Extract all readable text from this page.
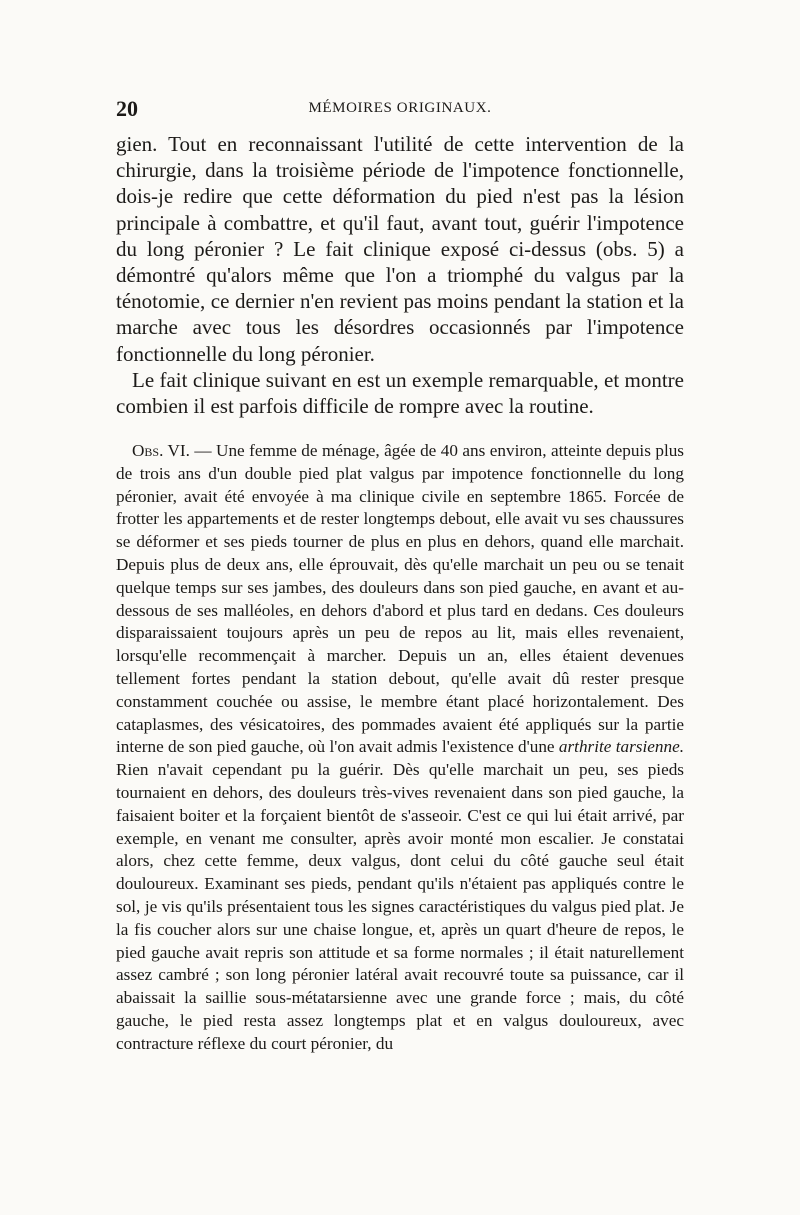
20	MÉMOIRES ORIGINAUX.

gien. Tout en reconnaissant l'utilité de cette intervention de la chirurgie, dans la troisième période de l'impotence fonctionnelle, dois-je redire que cette déformation du pied n'est pas la lésion principale à combattre, et qu'il faut, avant tout, guérir l'impotence du long péronier ? Le fait clinique exposé ci-dessus (obs. 5) a démontré qu'alors même que l'on a triomphé du valgus par la ténotomie, ce dernier n'en revient pas moins pendant la station et la marche avec tous les désordres occasionnés par l'impotence fonctionnelle du long péronier.

Le fait clinique suivant en est un exemple remarquable, et montre combien il est parfois difficile de rompre avec la routine.

Obs. VI. — Une femme de ménage, âgée de 40 ans environ, atteinte depuis plus de trois ans d'un double pied plat valgus par impotence fonctionnelle du long péronier, avait été envoyée à ma clinique civile en septembre 1865. Forcée de frotter les appartements et de rester longtemps debout, elle avait vu ses chaussures se déformer et ses pieds tourner de plus en plus en dehors, quand elle marchait. Depuis plus de deux ans, elle éprouvait, dès qu'elle marchait un peu ou se tenait quelque temps sur ses jambes, des douleurs dans son pied gauche, en avant et au-dessous de ses malléoles, en dehors d'abord et plus tard en dedans. Ces douleurs disparaissaient toujours après un peu de repos au lit, mais elles revenaient, lorsqu'elle recommençait à marcher. Depuis un an, elles étaient devenues tellement fortes pendant la station debout, qu'elle avait dû rester presque constamment couchée ou assise, le membre étant placé horizontalement. Des cataplasmes, des vésicatoires, des pommades avaient été appliqués sur la partie interne de son pied gauche, où l'on avait admis l'existence d'une arthrite tarsienne. Rien n'avait cependant pu la guérir. Dès qu'elle marchait un peu, ses pieds tournaient en dehors, des douleurs très-vives revenaient dans son pied gauche, la faisaient boiter et la forçaient bientôt de s'asseoir. C'est ce qui lui était arrivé, par exemple, en venant me consulter, après avoir monté mon escalier. Je constatai alors, chez cette femme, deux valgus, dont celui du côté gauche seul était douloureux. Examinant ses pieds, pendant qu'ils n'étaient pas appliqués contre le sol, je vis qu'ils présentaient tous les signes caractéristiques du valgus pied plat. Je la fis coucher alors sur une chaise longue, et, après un quart d'heure de repos, le pied gauche avait repris son attitude et sa forme normales ; il était naturellement assez cambré ; son long péronier latéral avait recouvré toute sa puissance, car il abaissait la saillie sous-métatarsienne avec une grande force ; mais, du côté gauche, le pied resta assez longtemps plat et en valgus douloureux, avec contracture réflexe du court péronier, du
